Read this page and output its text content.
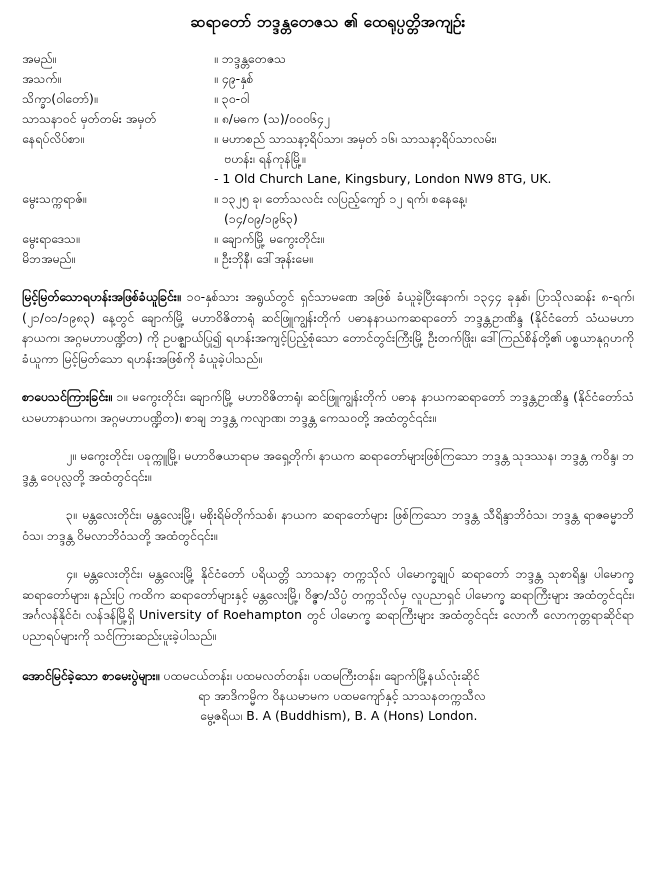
ဆရာတော် ဘဒ္ဒန္တတေဇသ ၏ ထေရုပ္ပတ္တိအကျဉ်း
အမည်။	။ ဘဒ္ဒန္တတေဇသ

အသက်။	။ ၄၉-နှစ်

သိက္ခာ(ဝါတော်)။	။ ၃၀-ဝါ

သာသနာဝင် မှတ်တမ်း အမှတ်	။ ၈/မဓက (သ)/၀၀၀၆၄၂

နေရပ်လိပ်စာ။	။ မဟာစည် သာသနာ့ရိပ်သာ၊ အမှတ် ၁၆၊ သာသနာ့ရိပ်သာလမ်း၊
ဗဟန်း၊ ရန်ကုန်မြို့။
- 1 Old Church Lane, Kingsbury, London NW9 8TG, UK.

မွေးသက္ကရာဇ်။	။ ၁၃၂၅ ခု၊ တော်သလင်း လပြည့်ကျော် ၁၂ ရက်၊ စနေနေ့၊
(၁၄/၀၉/၁၉၆၃)

မွေးရာဒေသ။	။ ချောက်မြို့ မကွေးတိုင်း။

မိဘအမည်။	။ ဦးဘိုနီ၊ ဒေါ်အုန်းမေ။

မြင့်မြတ်သောရဟန်းအဖြစ်ခံယူခြင်း။ ၁၀-နှစ်သား အရွယ်တွင် ရှင်သာမဏေ အဖြစ် ခံယူခဲ့ပြီးနောက်၊ ၁၃၄၄ ခုနှစ်၊ ပြာသိုလဆန်း ၈-ရက်၊ (၂၁/၀၁/၁၉၈၃) နေ့တွင် ချောက်မြို့ မဟာဝိဇိတာရုံ ဆင်ဖြူကျွန်းတိုက် ပဓာနနာယကဆရာတော် ဘဒ္ဒန္တဥာဏိန္ဒ (နိုင်ငံတော် သံဃမဟာနာယက၊ အဂ္ဂမဟာပဏ္ဍိတ) ကို ဥပဇ္ဈာယ်ပြု၍ ရဟန်းအကျင့်ပြည့်စုံသော တောင်တွင်းကြီးမြို့ ဦးတက်ဖြိုး၊ ဒေါ်ကြည်စိန်တို့၏ ပစ္စယာနုဂ္ဂဟကို ခံယူကာ မြင့်မြတ်သော ရဟန်းအဖြစ်ကို ခံယူခဲ့ပါသည်။

စာပေသင်ကြားခြင်း။ ၁။ မကွေးတိုင်း၊ ချောက်မြို့ မဟာဝိဇိတာရုံ၊ ဆင်ဖြူကျွန်းတိုက် ပဓာန နာယကဆရာတော် ဘဒ္ဒန္တဥာဏိန္ဒ (နိုင်ငံတော်သံဃမဟာနာယက၊ အဂ္ဂမဟာပဏ္ဍိတ)၊ စာချ ဘဒ္ဒန္တ ကလျာဏ၊ ဘဒ္ဒန္တ ကေသဝတို့ အထံတွင်၎င်း။

၂။ မကွေးတိုင်း၊ ပခုက္ကူမြို့၊ မဟာဝိဇယာရာမ အရှေ့တိုက်၊ နာယက ဆရာတော်များဖြစ်ကြသော ဘဒ္ဒန္တ သုဒဿန၊ ဘဒ္ဒန္တ ကဝိန္ဒ၊ ဘဒ္ဒန္တ ဝေပုလ္လတို့ အထံတွင်၎င်း။

၃။ မန္တလေးတိုင်း၊ မန္တလေးမြို့၊ မစိုးရိမ်တိုက်သစ်၊ နာယက ဆရာတော်များ ဖြစ်ကြသော ဘဒ္ဒန္တ သီရိန္ဒာဘိဝံသ၊ ဘဒ္ဒန္တ ရာဇဓမ္မာဘိဝံသ၊ ဘဒ္ဒန္တ ဝိမလာဘိဝံသတို့ အထံတွင်၎င်း။

၄။ မန္တလေးတိုင်း၊ မန္တလေးမြို့ နိုင်ငံတော် ပရိယတ္တိ သာသနာ့ တက္ကသိုလ် ပါမောက္ခချုပ် ဆရာတော် ဘဒ္ဒန္တ သုစာရိန္ဒ၊ ပါမောက္ခဆရာတော်များ၊ နည်းပြ ကထိက ဆရာတော်များနှင့် မန္တလေးမြို့၊ ဝိဇ္ဇာ/သိပ္ပံ တက္ကသိုလ်မှ လူပညာရှင် ပါမောက္ခ ဆရာကြီးများ အထံတွင်၎င်း၊ အင်္ဂလန်နိုင်ငံ၊ လန်ဒန်မြို့ရှိ University of Roehampton တွင် ပါမောက္ခ ဆရာကြီးများ အထံတွင်၎င်း လောကီ လောကုတ္တရာဆိုင်ရာ ပညာရပ်များကို သင်ကြားဆည်းပူးခဲ့ပါသည်။

အောင်မြင်ခဲ့သော စာမေးပွဲများ။ ပထမငယ်တန်း၊ ပထမလတ်တန်း၊ ပထမကြီးတန်း၊ ချောက်မြို့နယ်လုံးဆိုင်
ရာ အာဒိကမ္မိက ဝိနယမာမက ပထမကျော်နှင့် သာသနတက္ကသီလ
မွေ့ဇရိယ၊ B. A (Buddhism), B. A (Hons) London.
